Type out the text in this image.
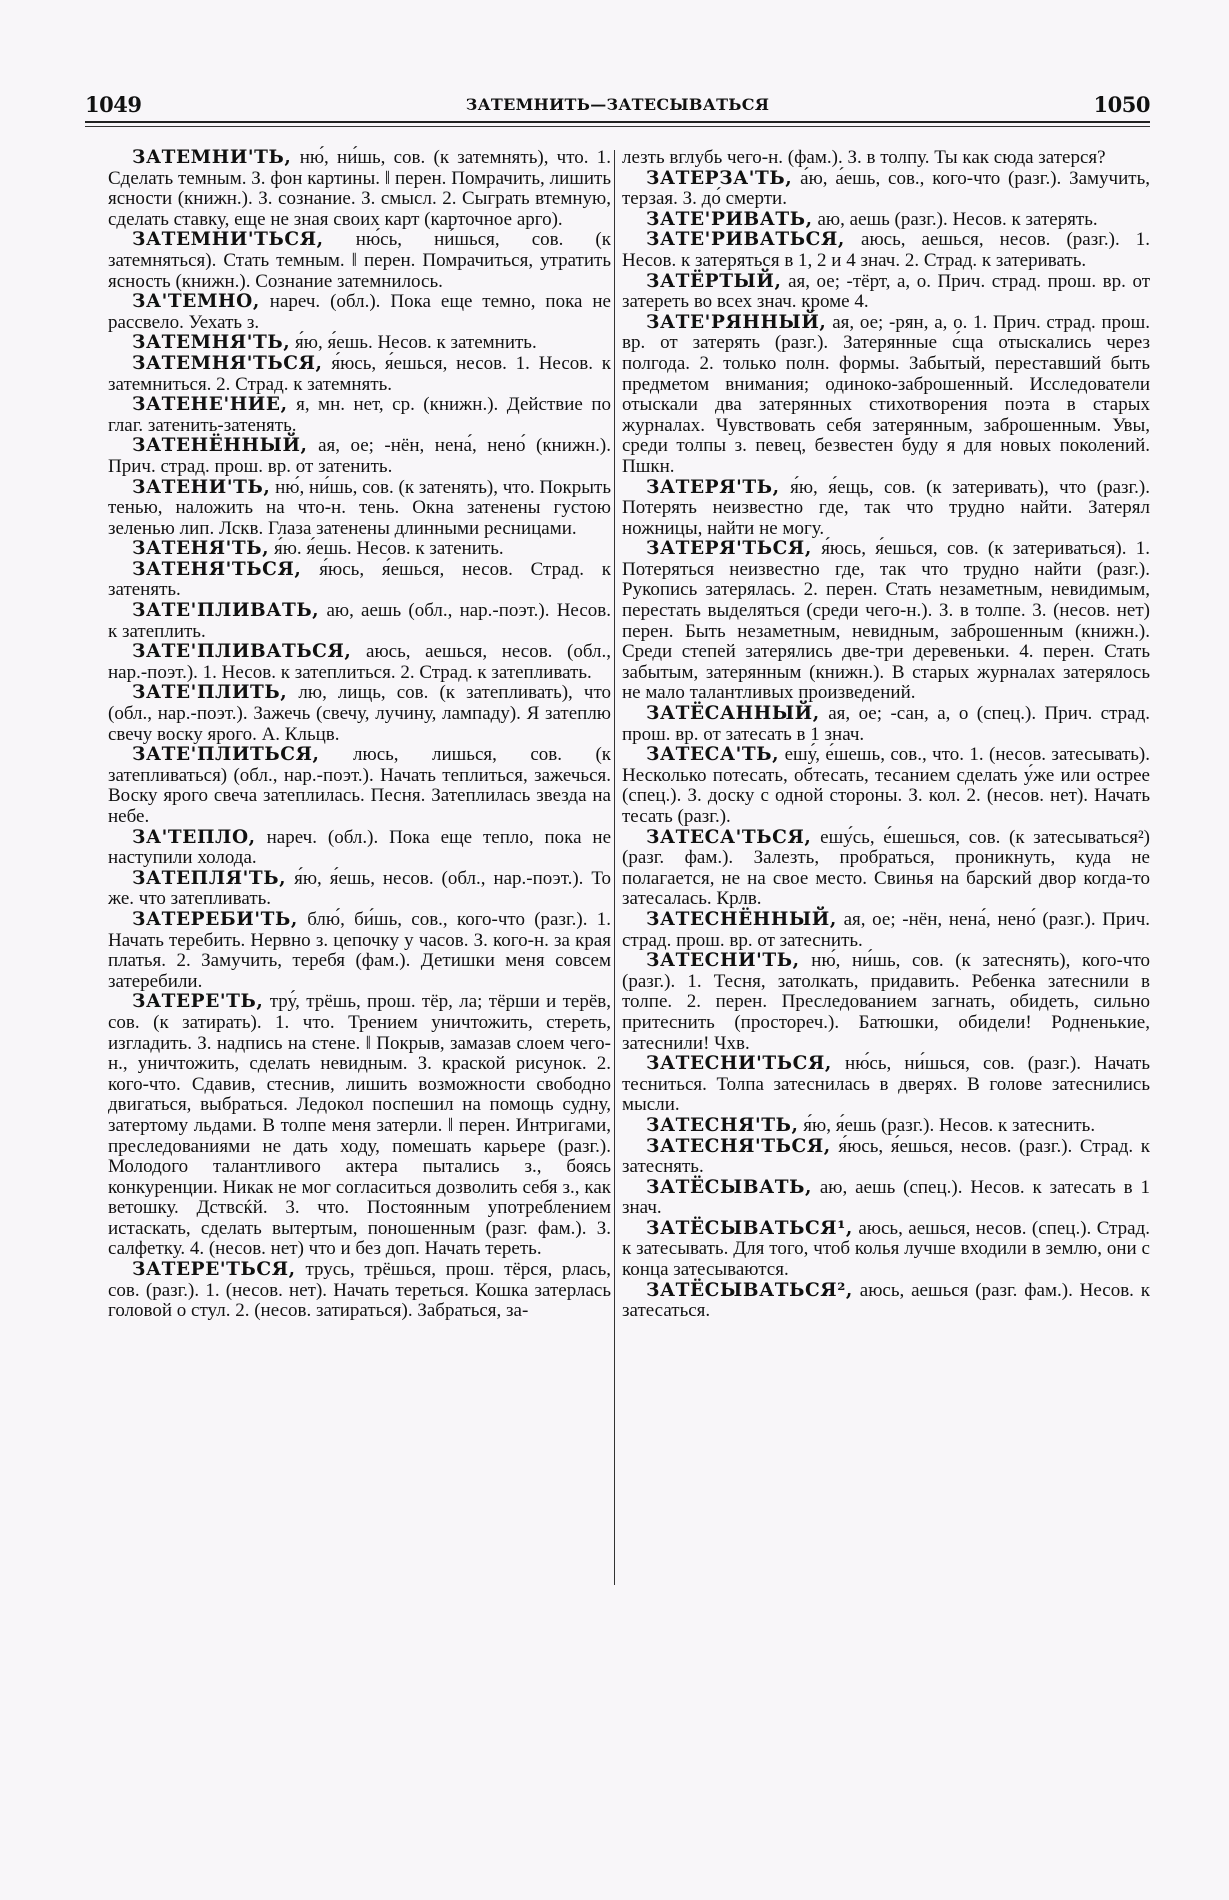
1049	ЗАТЕМНИТЬ—ЗАТЕСЫВАТЬСЯ	1050

ЗАТЕМНИ'ТЬ, ню́, ни́шь, сов. (к затемнять), что. 1. Сделать темным. З. фон картины. ‖ перен. Помрачить, лишить ясности (книжн.). З. сознание. З. смысл. 2. Сыграть втемную, сделать ставку, еще не зная своих карт (карточное арго).

ЗАТЕМНИ'ТЬСЯ, ню́сь, ни́шься, сов. (к затемняться). Стать темным. ‖ перен. Помрачиться, утратить ясность (книжн.). Сознание затемнилось.

ЗА'ТЕМНО, нареч. (обл.). Пока еще темно, пока не рассвело. Уехать з.

ЗАТЕМНЯ'ТЬ, я́ю, я́ешь. Несов. к затемнить.

ЗАТЕМНЯ'ТЬСЯ, я́юсь, я́ешься, несов. 1. Несов. к затемниться. 2. Страд. к затемнять.

ЗАТЕНЕ'НИЕ, я, мн. нет, ср. (книжн.). Действие по глаг. затенить-затенять.

ЗАТЕНЁННЫЙ, ая, ое; -нён, нена́, нено́ (книжн.). Прич. страд. прош. вр. от затенить.

ЗАТЕНИ'ТЬ, ню́, ни́шь, сов. (к затенять), что. Покрыть тенью, наложить на что-н. тень. Окна затенены густою зеленью лип. Лскв. Глаза затенены длинными ресницами.

ЗАТЕНЯ'ТЬ, я́ю. я́ешь. Несов. к затенить.

ЗАТЕНЯ'ТЬСЯ, я́юсь, я́ешься, несов. Страд. к затенять.

ЗАТЕ'ПЛИВАТЬ, аю, аешь (обл., нар.-поэт.). Несов. к затеплить.

ЗАТЕ'ПЛИВАТЬСЯ, аюсь, аешься, несов. (обл., нар.-поэт.). 1. Несов. к затеплиться. 2. Страд. к затепливать.

ЗАТЕ'ПЛИТЬ, лю, лищь, сов. (к затепливать), что (обл., нар.-поэт.). Зажечь (свечу, лучину, лампаду). Я затеплю свечу воску ярого. А. Кльцв.

ЗАТЕ'ПЛИТЬСЯ, люсь, лишься, сов. (к затепливаться) (обл., нар.-поэт.). Начать теплиться, зажечься. Воску ярого свеча затеплилась. Песня. Затеплилась звезда на небе.

ЗА'ТЕПЛО, нареч. (обл.). Пока еще тепло, пока не наступили холода.

ЗАТЕПЛЯ'ТЬ, я́ю, я́ешь, несов. (обл., нар.-поэт.). То же. что затепливать.

ЗАТЕРЕБИ'ТЬ, блю́, би́шь, сов., кого-что (разг.). 1. Начать теребить. Нервно з. цепочку у часов. З. кого-н. за края платья. 2. Замучить, теребя (фам.). Детишки меня совсем затеребили.

ЗАТЕРЕ'ТЬ, тру́, трёшь, прош. тёр, ла; тёрши и терёв, сов. (к затирать). 1. что. Трением уничтожить, стереть, изгладить. З. надпись на стене. ‖ Покрыв, замазав слоем чего-н., уничтожить, сделать невидным. З. краской рисунок. 2. кого-что. Сдавив, стеснив, лишить возможности свободно двигаться, выбраться. Ледокол поспешил на помощь судну, затертому льдами. В толпе меня затерли. ‖ перен. Интригами, преследованиями не дать ходу, помешать карьере (разг.). Молодого талантливого актера пытались з., боясь конкуренции. Никак не мог согласиться дозволить себя з., как ветошку. Дствсќй. 3. что. Постоянным употреблением истаскать, сделать вытертым, поношенным (разг. фам.). З. салфетку. 4. (несов. нет) что и без доп. Начать тереть.

ЗАТЕРЕ'ТЬСЯ, трусь, трёшься, прош. тёрся, рлась, сов. (разг.). 1. (несов. нет). Начать тереться. Кошка затерлась головой о стул. 2. (несов. затираться). Забраться, за-

лезть вглубь чего-н. (фам.). З. в толпу. Ты как сюда затерся?

ЗАТЕРЗА'ТЬ, а́ю, а́ешь, сов., кого-что (разг.). Замучить, терзая. З. до́ смерти.

ЗАТЕ'РИВАТЬ, аю, аешь (разг.). Несов. к затерять.

ЗАТЕ'РИВАТЬСЯ, аюсь, аешься, несов. (разг.). 1. Несов. к затеряться в 1, 2 и 4 знач. 2. Страд. к затеривать.

ЗАТЁРТЫЙ, ая, ое; -тёрт, а, о. Прич. страд. прош. вр. от затереть во всех знач. кроме 4.

ЗАТЕ'РЯННЫЙ, ая, ое; -рян, а, о. 1. Прич. страд. прош. вр. от затерять (разг.). Затерянные с́ща отыскались через полгода. 2. только полн. формы. Забытый, переставший быть предметом внимания; одиноко-заброшенный. Исследователи отыскали два затерянных стихотворения поэта в старых журналах. Чувствовать себя затерянным, заброшенным. Увы, среди толпы з. певец, безвестен буду я для новых поколений. Пшкн.

ЗАТЕРЯ'ТЬ, я́ю, я́ещь, сов. (к затеривать), что (разг.). Потерять неизвестно где, так что трудно найти. Затерял ножницы, найти не могу.

ЗАТЕРЯ'ТЬСЯ, я́юсь, я́ешься, сов. (к затериваться). 1. Потеряться неизвестно где, так что трудно найти (разг.). Рукопись затерялась. 2. перен. Стать незаметным, невидимым, перестать выделяться (среди чего-н.). З. в толпе. 3. (несов. нет) перен. Быть незаметным, невидным, заброшенным (книжн.). Среди степей затерялись две-три деревеньки. 4. перен. Стать забытым, затерянным (книжн.). В старых журналах затерялось не мало талантливых произведений.

ЗАТЁСАННЫЙ, ая, ое; -сан, а, о (спец.). Прич. страд. прош. вр. от затесать в 1 знач.

ЗАТЕСА'ТЬ, ешу́, е́шешь, сов., что. 1. (несов. затесывать). Несколько потесать, обтесать, тесанием сделать у́же или острее (спец.). З. доску с одной стороны. З. кол. 2. (несов. нет). Начать тесать (разг.).

ЗАТЕСА'ТЬСЯ, ешу́сь, е́шешься, сов. (к затесываться²) (разг. фам.). Залезть, пробраться, проникнуть, куда не полагается, не на свое место. Свинья на барский двор когда-то затесалась. Крлв.

ЗАТЕСНЁННЫЙ, ая, ое; -нён, нена́, нено́ (разг.). Прич. страд. прош. вр. от затеснить.

ЗАТЕСНИ'ТЬ, ню́, ни́шь, сов. (к затеснять), кого-что (разг.). 1. Тесня, затолкать, придавить. Ребенка затеснили в толпе. 2. перен. Преследованием загнать, обидеть, сильно притеснить (простореч.). Батюшки, обидели! Родненькие, затеснили! Чхв.

ЗАТЕСНИ'ТЬСЯ, ню́сь, ни́шься, сов. (разг.). Начать тесниться. Толпа затеснилась в дверях. В голове затеснились мысли.

ЗАТЕСНЯ'ТЬ, я́ю, я́ешь (разг.). Несов. к затеснить.

ЗАТЕСНЯ'ТЬСЯ, я́юсь, я́ешься, несов. (разг.). Страд. к затеснять.

ЗАТЁСЫВАТЬ, аю, аешь (спец.). Несов. к затесать в 1 знач.

ЗАТЁСЫВАТЬСЯ¹, аюсь, аешься, несов. (спец.). Страд. к затесывать. Для того, чтоб колья лучше входили в землю, они с конца затесываются.

ЗАТЁСЫВАТЬСЯ², аюсь, аешься (разг. фам.). Несов. к затесаться.
